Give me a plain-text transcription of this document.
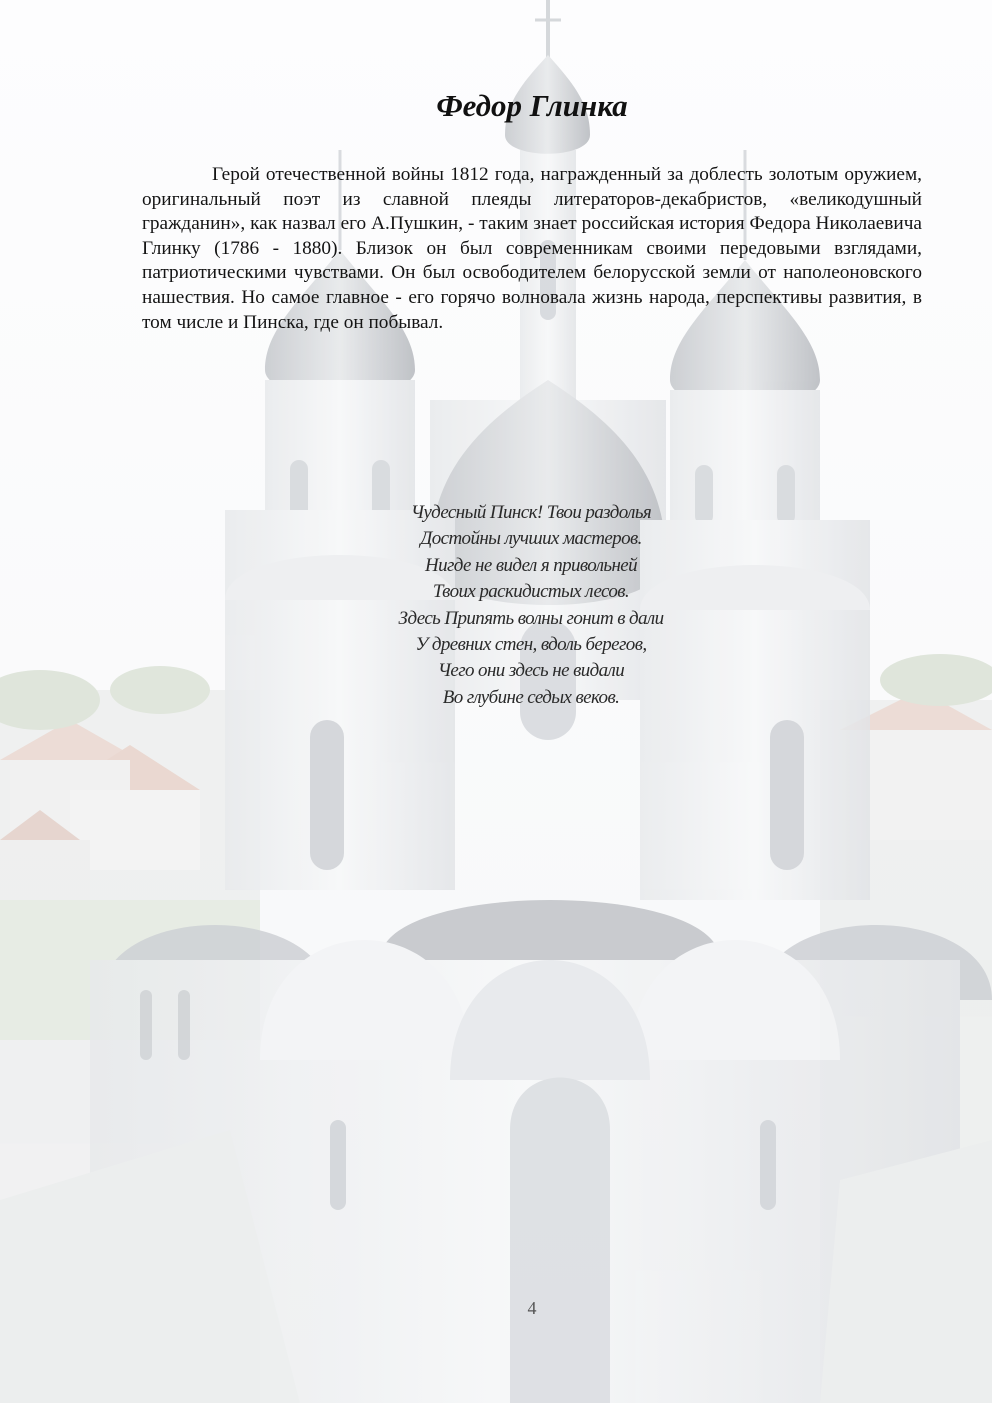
Федор Глинка

Герой отечественной войны 1812 года, награжденный за доблесть золотым оружием, оригинальный поэт из славной плеяды литераторов-декабристов, «великодушный гражданин», как назвал его А.Пушкин, - таким знает российская история Федора Николаевича Глинку (1786 - 1880). Близок он был современникам своими передовыми взглядами, патриотическими чувствами. Он был освободителем белорусской земли от наполеоновского нашествия. Но самое главное - его горячо волновала жизнь народа, перспективы развития, в том числе и Пинска, где он побывал.

Чудесный Пинск! Твои раздолья
Достойны лучших мастеров.
Нигде не видел я привольней
Твоих раскидистых лесов.
Здесь Припять волны гонит в дали
У древних стен, вдоль берегов,
Чего они здесь не видали
Во глубине седых веков.
4
